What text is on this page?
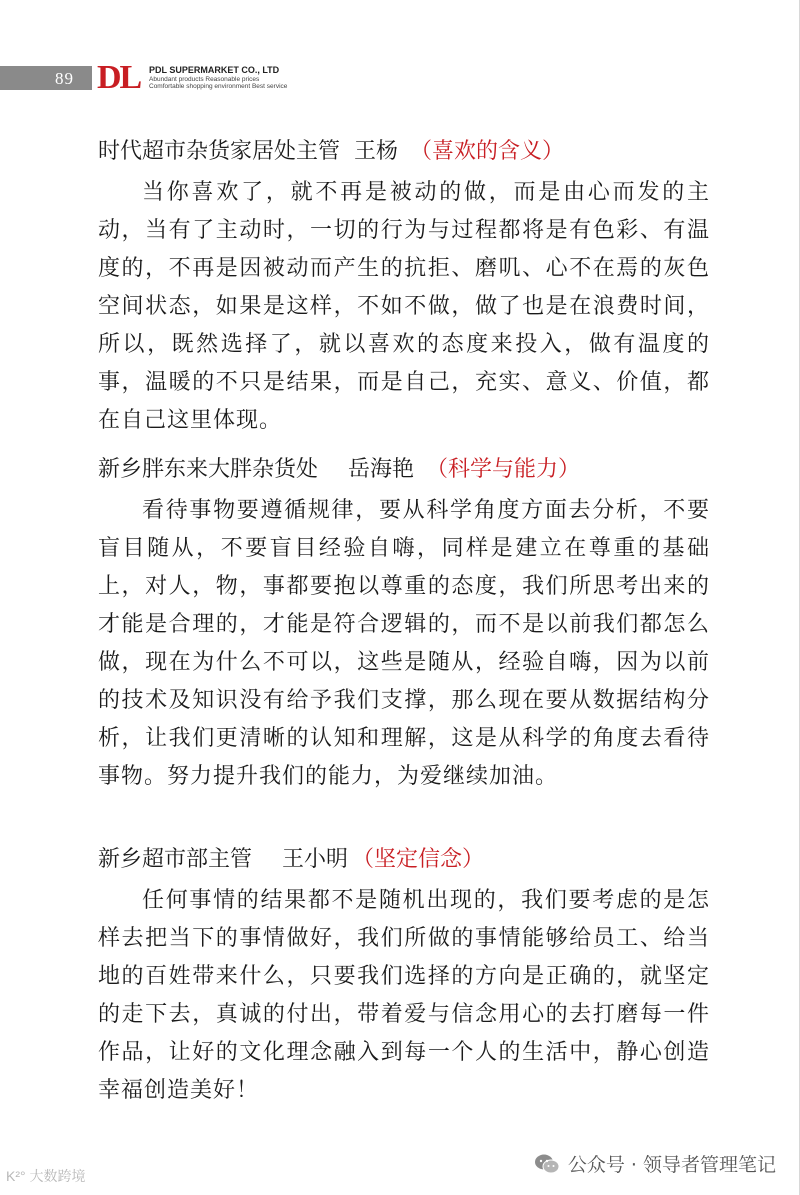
89 DL PDL SUPERMARKET CO., LTD
Abundant products Reasonable prices
Comfortable shopping environment Best service
时代超市杂货家居处主管 王杨 （喜欢的含义）

当你喜欢了，就不再是被动的做，而是由心而发的主动，当有了主动时，一切的行为与过程都将是有色彩、有温度的，不再是因被动而产生的抗拒、磨叽、心不在焉的灰色空间状态，如果是这样，不如不做，做了也是在浪费时间，所以，既然选择了，就以喜欢的态度来投入，做有温度的事，温暖的不只是结果，而是自己，充实、意义、价值，都在自己这里体现。

新乡胖东来大胖杂货处 岳海艳 （科学与能力）

看待事物要遵循规律，要从科学角度方面去分析，不要盲目随从，不要盲目经验自嗨，同样是建立在尊重的基础上，对人，物，事都要抱以尊重的态度，我们所思考出来的才能是合理的，才能是符合逻辑的，而不是以前我们都怎么做，现在为什么不可以，这些是随从，经验自嗨，因为以前的技术及知识没有给予我们支撑，那么现在要从数据结构分析，让我们更清晰的认知和理解，这是从科学的角度去看待事物。努力提升我们的能力，为爱继续加油。

新乡超市部主管 王小明 （坚定信念）

任何事情的结果都不是随机出现的，我们要考虑的是怎样去把当下的事情做好，我们所做的事情能够给员工、给当地的百姓带来什么，只要我们选择的方向是正确的，就坚定的走下去，真诚的付出，带着爱与信念用心的去打磨每一件作品，让好的文化理念融入到每一个人的生活中，静心创造幸福创造美好！

K²° 大数跨境	公众号 · 领导者管理笔记
